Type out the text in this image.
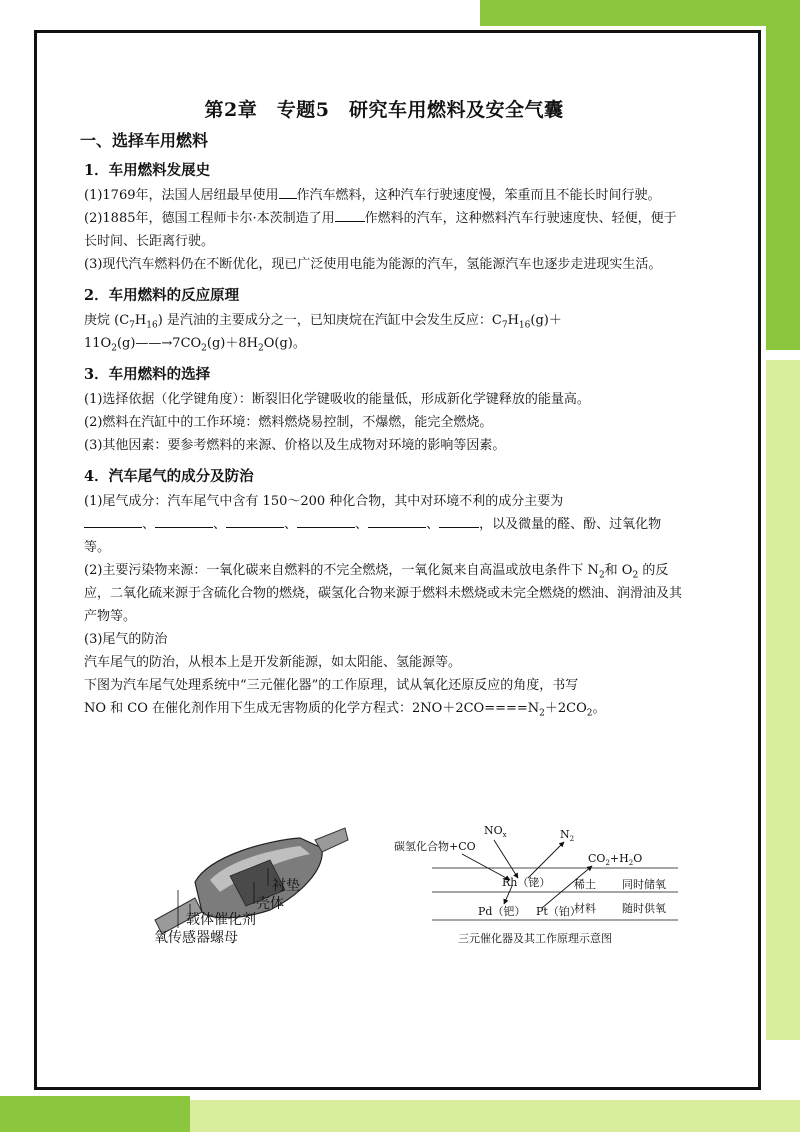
第2章　专题5　研究车用燃料及安全气囊
一、选择车用燃料
1．车用燃料发展史

(1)1769年，法国人居纽最早使用 作汽车燃料，这种汽车行驶速度慢，笨重而且不能长时间行驶。

(2)1885年，德国工程师卡尔·本茨制造了用 作燃料的汽车，这种燃料汽车行驶速度快、轻便，便于长时间、长距离行驶。

(3)现代汽车燃料仍在不断优化，现已广泛使用电能为能源的汽车，氢能源汽车也逐步走进现实生活。

2．车用燃料的反应原理

庚烷 $(C_7H_{16})$ 是汽油的主要成分之一，已知庚烷在汽缸中会发生反应：$C_7H_{16}(g)+$
$11O_2(g)——\to 7CO_2(g)+8H_2O(g)$。

3．车用燃料的选择

(1)选择依据（化学键角度）：断裂旧化学键吸收的能量低，形成新化学键释放的能量高。

(2)燃料在汽缸中的工作环境：燃料燃烧易控制，不爆燃，能完全燃烧。

(3)其他因素：要参考燃料的来源、价格以及生成物对环境的影响等因素。

4．汽车尾气的成分及防治

(1)尾气成分：汽车尾气中含有 150～200 种化合物，其中对环境不利的成分主要为
、	、	、	、	、	，以及微量的醛、酚、过氧化物等。

(2)主要污染物来源：一氧化碳来自燃料的不完全燃烧，一氧化氮来自高温或放电条件下 $N_2$和 $O_2$ 的反应，二氧化硫来源于含硫化合物的燃烧，碳氢化合物来源于燃料未燃烧或未完全燃烧的燃油、润滑油及其产物等。

(3)尾气的防治

汽车尾气的防治，从根本上是开发新能源，如太阳能、氢能源等。

下图为汽车尾气处理系统中“三元催化器”的工作原理，试从氧化还原反应的角度，书写

NO 和 CO 在催化剂作用下生成无害物质的化学方程式：$2NO+2CO====N_2+2CO_2$。

衬垫
壳体
载体催化剂
氧传感器螺母
碳氢化合物+CO
$NO_x$	$N_2$
$CO_2+H_2O$
Rh（铑）
Pd（钯） Pt（铂）
稀土
材料
同时储氧
随时供氧
三元催化器及其工作原理示意图
